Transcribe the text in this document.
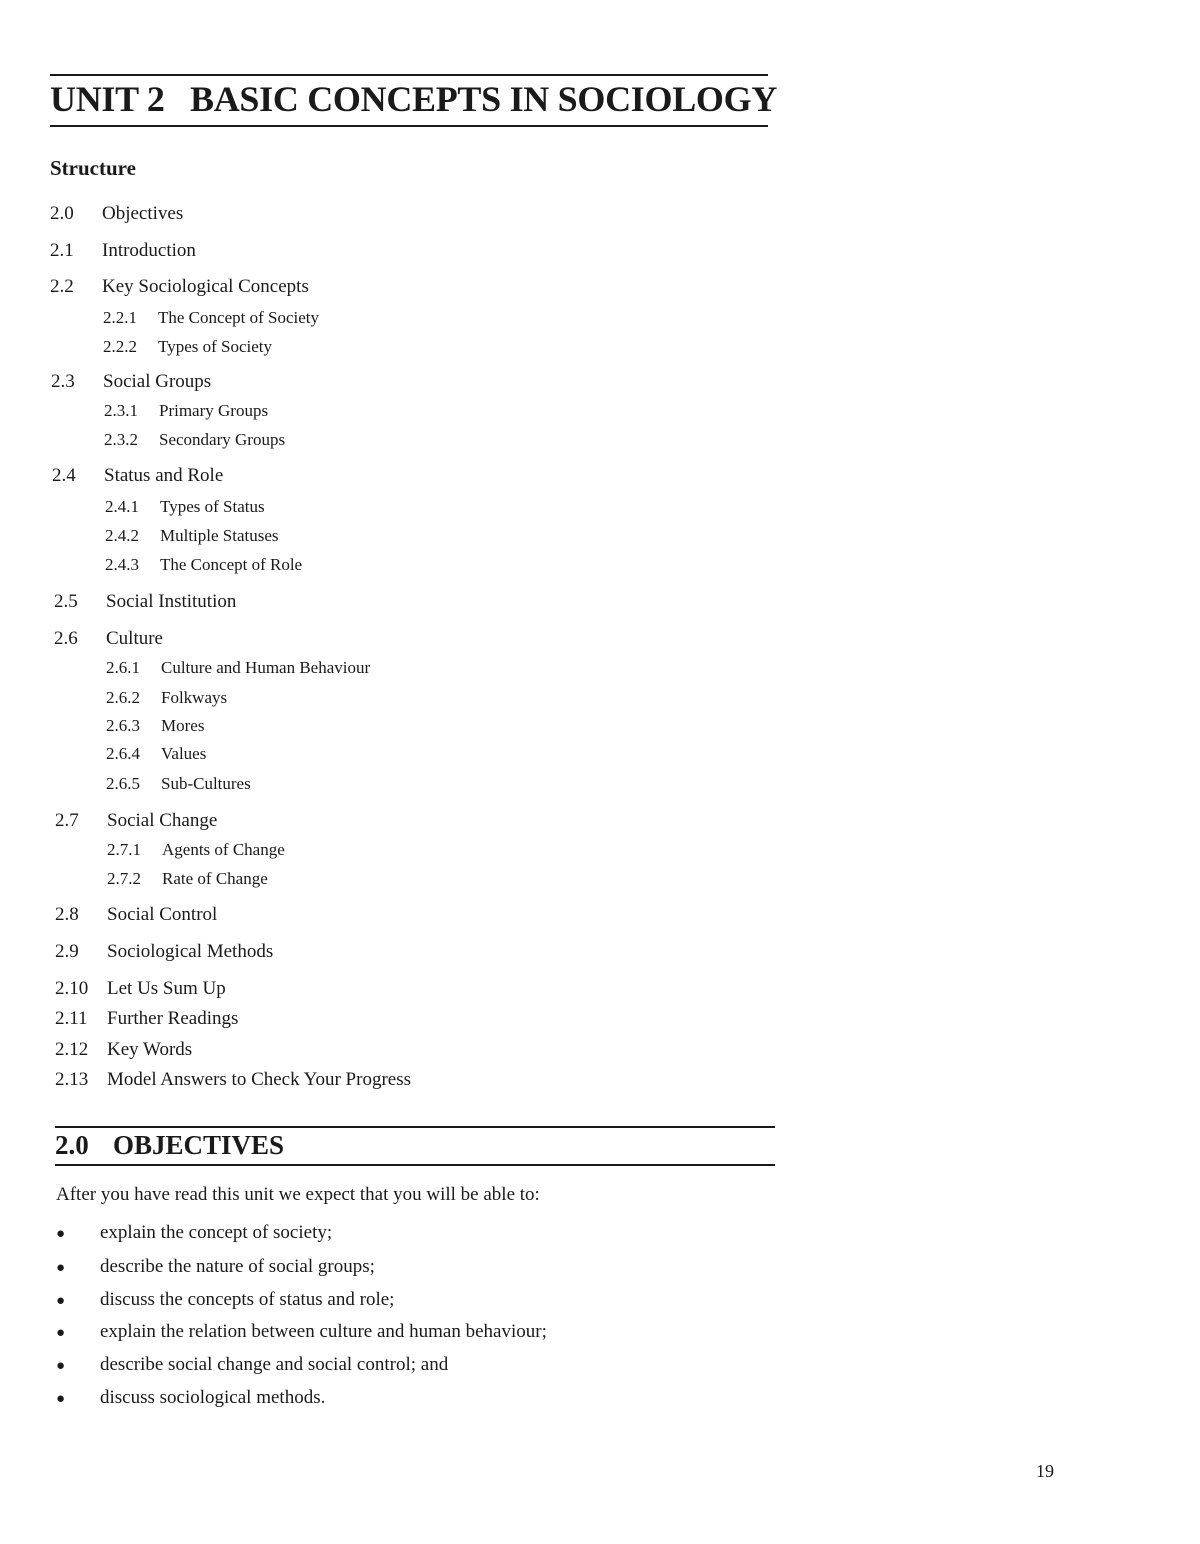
UNIT 2 BASIC CONCEPTS IN SOCIOLOGY
Structure
2.0 Objectives
2.1 Introduction
2.2 Key Sociological Concepts
2.2.1 The Concept of Society
2.2.2 Types of Society
2.3 Social Groups
2.3.1 Primary Groups
2.3.2 Secondary Groups
2.4 Status and Role
2.4.1 Types of Status
2.4.2 Multiple Statuses
2.4.3 The Concept of Role
2.5 Social Institution
2.6 Culture
2.6.1 Culture and Human Behaviour
2.6.2 Folkways
2.6.3 Mores
2.6.4 Values
2.6.5 Sub-Cultures
2.7 Social Change
2.7.1 Agents of Change
2.7.2 Rate of Change
2.8 Social Control
2.9 Sociological Methods
2.10 Let Us Sum Up
2.11 Further Readings
2.12 Key Words
2.13 Model Answers to Check Your Progress
2.0 OBJECTIVES
After you have read this unit we expect that you will be able to:
● explain the concept of society;
● describe the nature of social groups;
● discuss the concepts of status and role;
● explain the relation between culture and human behaviour;
● describe social change and social control; and
● discuss sociological methods.
19
